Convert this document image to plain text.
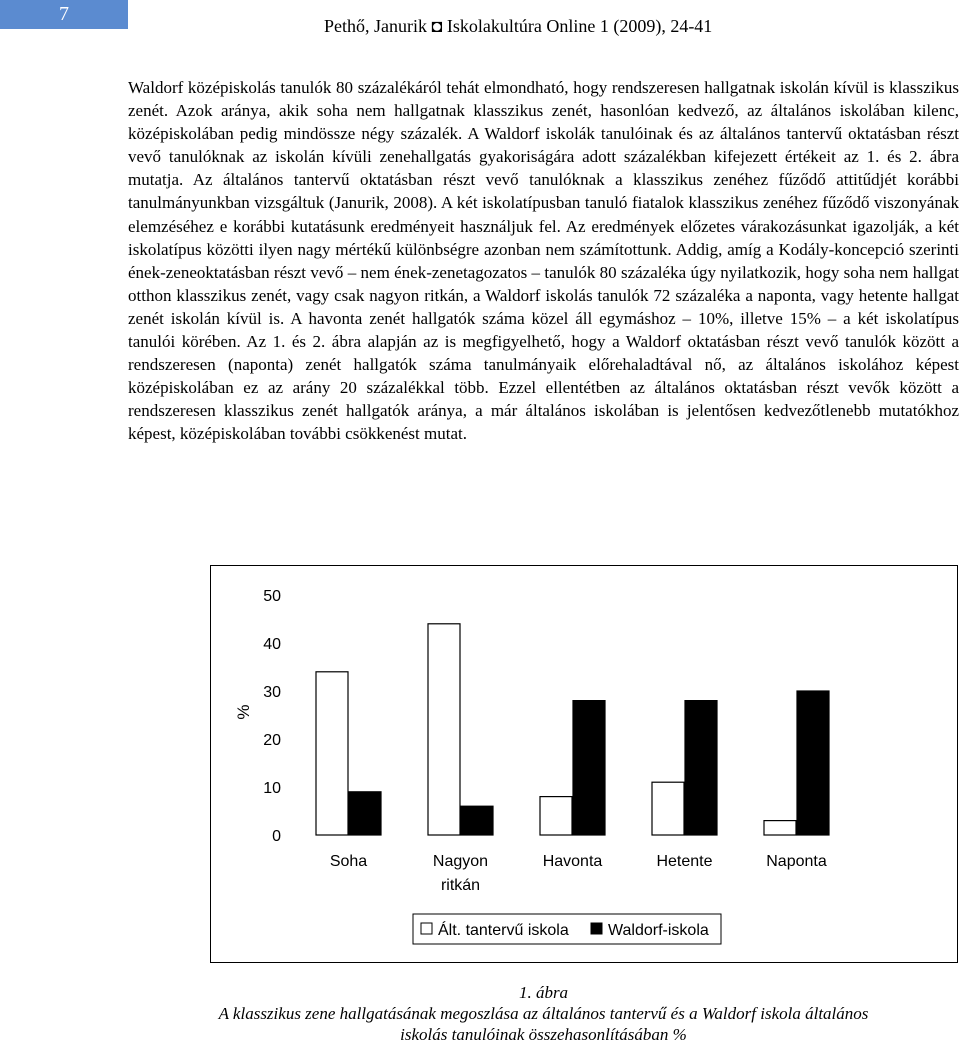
7
Pethő, Janurik ◘ Iskolakultúra Online 1 (2009), 24-41

Waldorf középiskolás tanulók 80 százalékáról tehát elmondható, hogy rendszeresen hallgatnak iskolán kívül is klasszikus zenét. Azok aránya, akik soha nem hallgatnak klasszikus zenét, hasonlóan kedvező, az általános iskolában kilenc, középiskolában pedig mindössze négy százalék. A Waldorf iskolák tanulóinak és az általános tantervű oktatásban részt vevő tanulóknak az iskolán kívüli zenehallgatás gyakoriságára adott százalékban kifejezett értékeit az 1. és 2. ábra mutatja. Az általános tantervű oktatásban részt vevő tanulóknak a klasszikus zenéhez fűződő attitűdjét korábbi tanulmányunkban vizsgáltuk (Janurik, 2008). A két iskolatípusban tanuló fiatalok klasszikus zenéhez fűződő viszonyának elemzéséhez e korábbi kutatásunk eredményeit használjuk fel. Az eredmények előzetes várakozásunkat igazolják, a két iskolatípus közötti ilyen nagy mértékű különbségre azonban nem számítottunk. Addig, amíg a Kodály-koncepció szerinti ének-zeneoktatásban részt vevő – nem ének-zenetagozatos – tanulók 80 százaléka úgy nyilatkozik, hogy soha nem hallgat otthon klasszikus zenét, vagy csak nagyon ritkán, a Waldorf iskolás tanulók 72 százaléka a naponta, vagy hetente hallgat zenét iskolán kívül is. A havonta zenét hallgatók száma közel áll egymáshoz – 10%, illetve 15% – a két iskolatípus tanulói körében. Az 1. és 2. ábra alapján az is megfigyelhető, hogy a Waldorf oktatásban részt vevő tanulók között a rendszeresen (naponta) zenét hallgatók száma tanulmányaik előrehaladtával nő, az általános iskolához képest középiskolában ez az arány 20 százalékkal több. Ezzel ellentétben az általános oktatásban részt vevők között a rendszeresen klasszikus zenét hallgatók aránya, a már általános iskolában is jelentősen kedvezőtlenebb mutatókhoz képest, középiskolában további csökkenést mutat.

0
10
20
30
40
50
%
Soha	Nagyon
ritkán
Havonta	Hetente	Naponta
Ált. tantervű iskola Waldorf-iskola
1. ábra
A klasszikus zene hallgatásának megoszlása az általános tantervű és a Waldorf iskola általános
iskolás tanulóinak összehasonlításában %
